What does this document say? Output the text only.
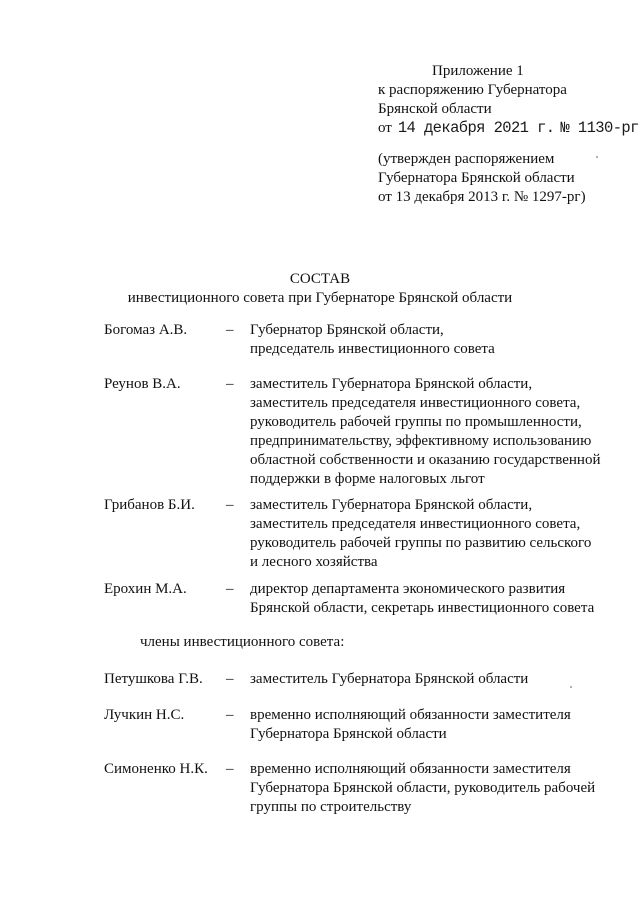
Приложение 1
к распоряжению Губернатора
Брянской области
от 14 декабря 2021 г. № 1130-рг
(утвержден распоряжением
Губернатора Брянской области
от 13 декабря 2013 г. № 1297-рг)
СОСТАВ
инвестиционного совета при Губернаторе Брянской области
Богомаз А.В.	– Губернатор Брянской области,
председатель инвестиционного совета
Реунов В.А.	– заместитель Губернатора Брянской области,
заместитель председателя инвестиционного совета,
руководитель рабочей группы по промышленности,
предпринимательству, эффективному использованию
областной собственности и оказанию государственной
поддержки в форме налоговых льгот
Грибанов Б.И. – заместитель Губернатора Брянской области,
заместитель председателя инвестиционного совета,
руководитель рабочей группы по развитию сельского
и лесного хозяйства
Ерохин М.А.	– директор департамента экономического развития
Брянской области, секретарь инвестиционного совета
члены инвестиционного совета:
Петушкова Г.В. – заместитель Губернатора Брянской области
Лучкин Н.С.	– временно исполняющий обязанности заместителя
Губернатора Брянской области
Симоненко Н.К. – временно исполняющий обязанности заместителя
Губернатора Брянской области, руководитель рабочей
группы по строительству
